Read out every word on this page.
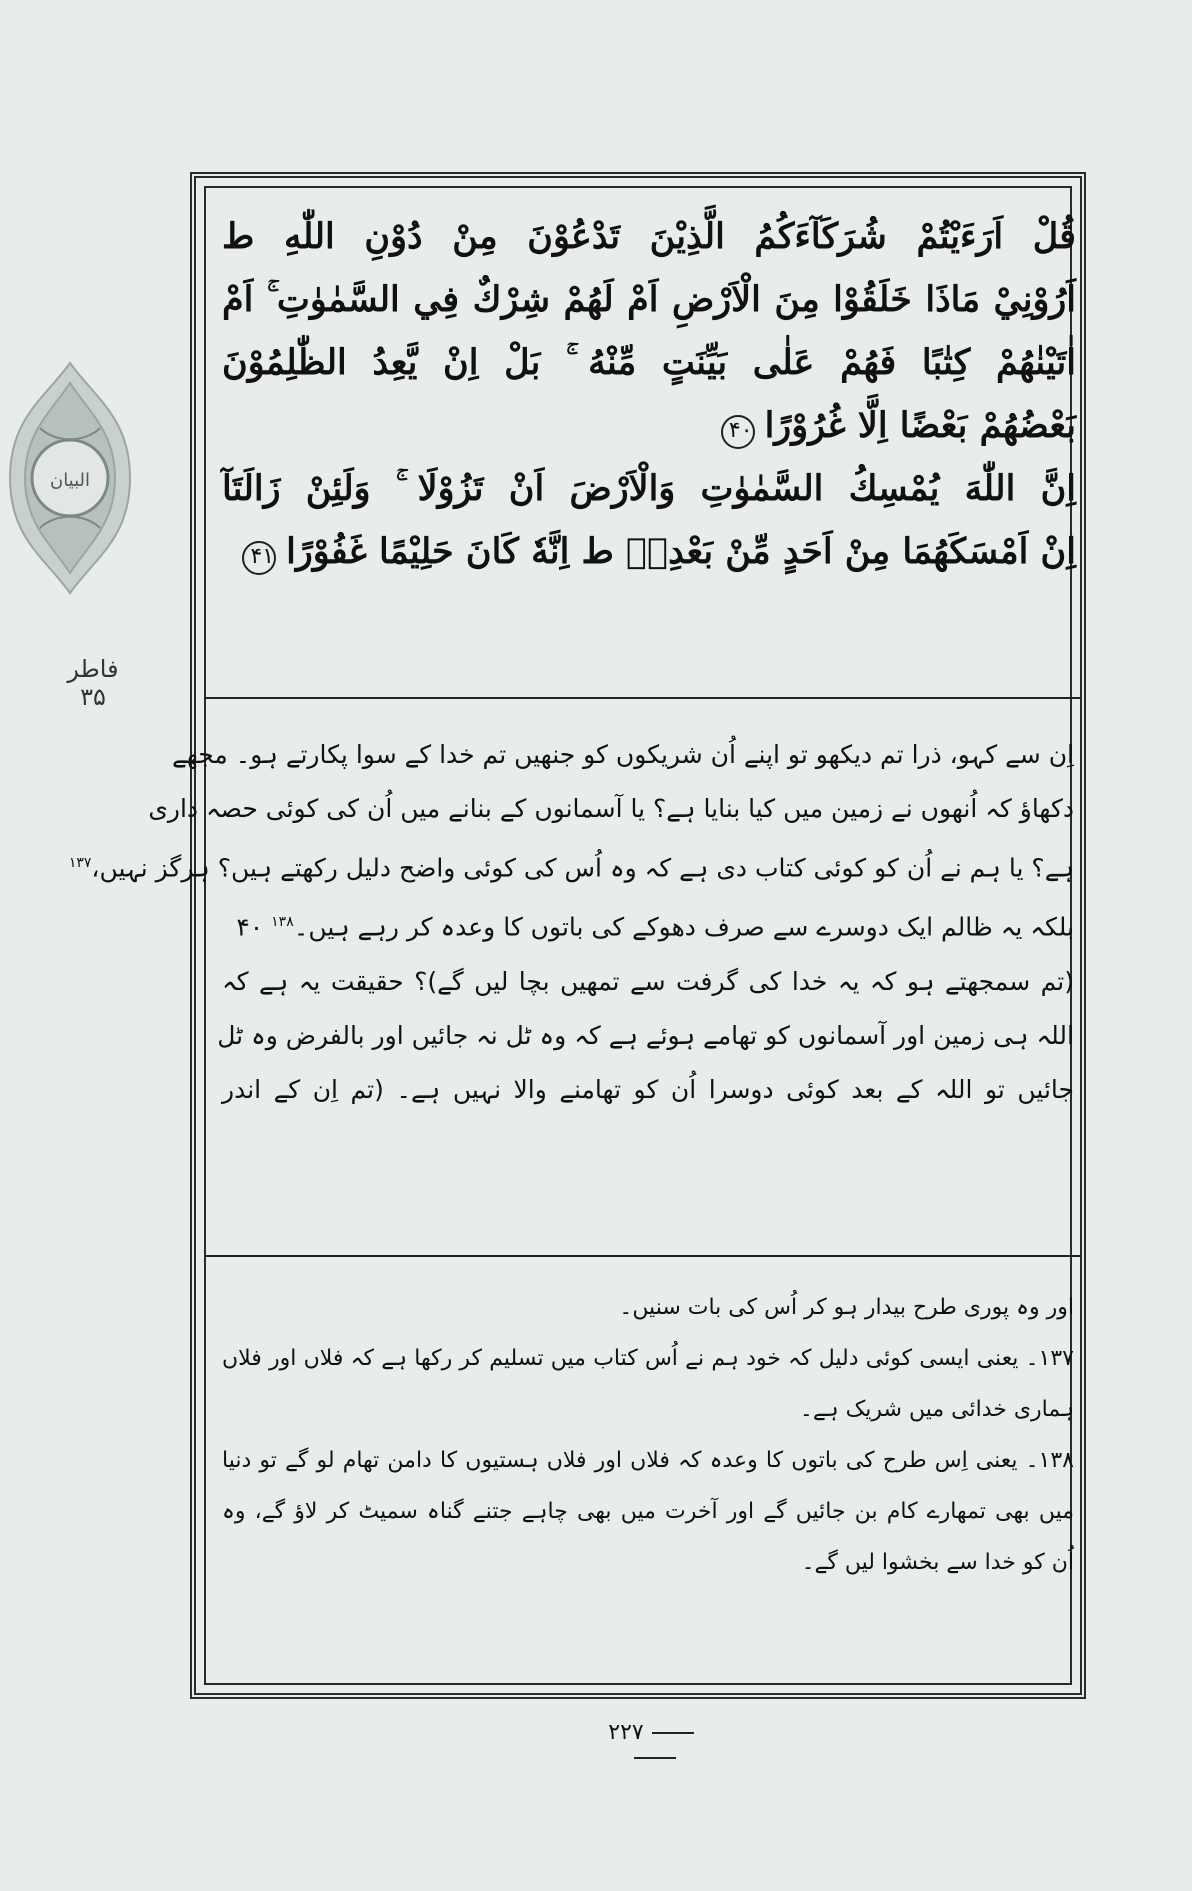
البیان
فاطر
۳۵
قُلْ اَرَءَيْتُمْ شُرَكَآءَكُمُ الَّذِيْنَ تَدْعُوْنَ مِنْ دُوْنِ اللّٰهِ ط
اَرُوْنِيْ مَاذَا خَلَقُوْا مِنَ الْاَرْضِ اَمْ لَهُمْ شِرْكٌ فِي السَّمٰوٰتِ ۚ اَمْ
اٰتَيْنٰهُمْ كِتٰبًا فَهُمْ عَلٰى بَيِّنَتٍ مِّنْهُ ۚ بَلْ اِنْ يَّعِدُ الظّٰلِمُوْنَ
بَعْضُهُمْ بَعْضًا اِلَّا غُرُوْرًا۴۰
اِنَّ اللّٰهَ يُمْسِكُ السَّمٰوٰتِ وَالْاَرْضَ اَنْ تَزُوْلَا ۚ وَلَئِنْ زَالَتَآ
اِنْ اَمْسَكَهُمَا مِنْ اَحَدٍ مِّنْ بَعْدِهٖ ط اِنَّهٗ كَانَ حَلِيْمًا غَفُوْرًا۴۱

اِن سے کہو، ذرا تم دیکھو تو اپنے اُن شریکوں کو جنھیں تم خدا کے سوا پکارتے ہو۔ مجھے

دکھاؤ کہ اُنھوں نے زمین میں کیا بنایا ہے؟ یا آسمانوں کے بنانے میں اُن کی کوئی حصہ داری

ہے؟ یا ہم نے اُن کو کوئی کتاب دی ہے کہ وہ اُس کی کوئی واضح دلیل رکھتے ہیں؟ ہرگز نہیں،$^{۱۳۷}$

بلکہ یہ ظالم ایک دوسرے سے صرف دھوکے کی باتوں کا وعدہ کر رہے ہیں۔$^{۱۳۸}$ ۴۰

(تم سمجھتے ہو کہ یہ خدا کی گرفت سے تمھیں بچا لیں گے)؟ حقیقت یہ ہے کہ

اللہ ہی زمین اور آسمانوں کو تھامے ہوئے ہے کہ وہ ٹل نہ جائیں اور بالفرض وہ ٹل

جائیں تو اللہ کے بعد کوئی دوسرا اُن کو تھامنے والا نہیں ہے۔ (تم اِن کے اندر

اور وہ پوری طرح بیدار ہو کر اُس کی بات سنیں۔

۱۳۷۔ یعنی ایسی کوئی دلیل کہ خود ہم نے اُس کتاب میں تسلیم کر رکھا ہے کہ فلاں اور فلاں

ہماری خدائی میں شریک ہے۔

۱۳۸۔ یعنی اِس طرح کی باتوں کا وعدہ کہ فلاں اور فلاں ہستیوں کا دامن تھام لو گے تو دنیا

میں بھی تمھارے کام بن جائیں گے اور آخرت میں بھی چاہے جتنے گناہ سمیٹ کر لاؤ گے، وہ

اُن کو خدا سے بخشوا لیں گے۔

۲۲۷
